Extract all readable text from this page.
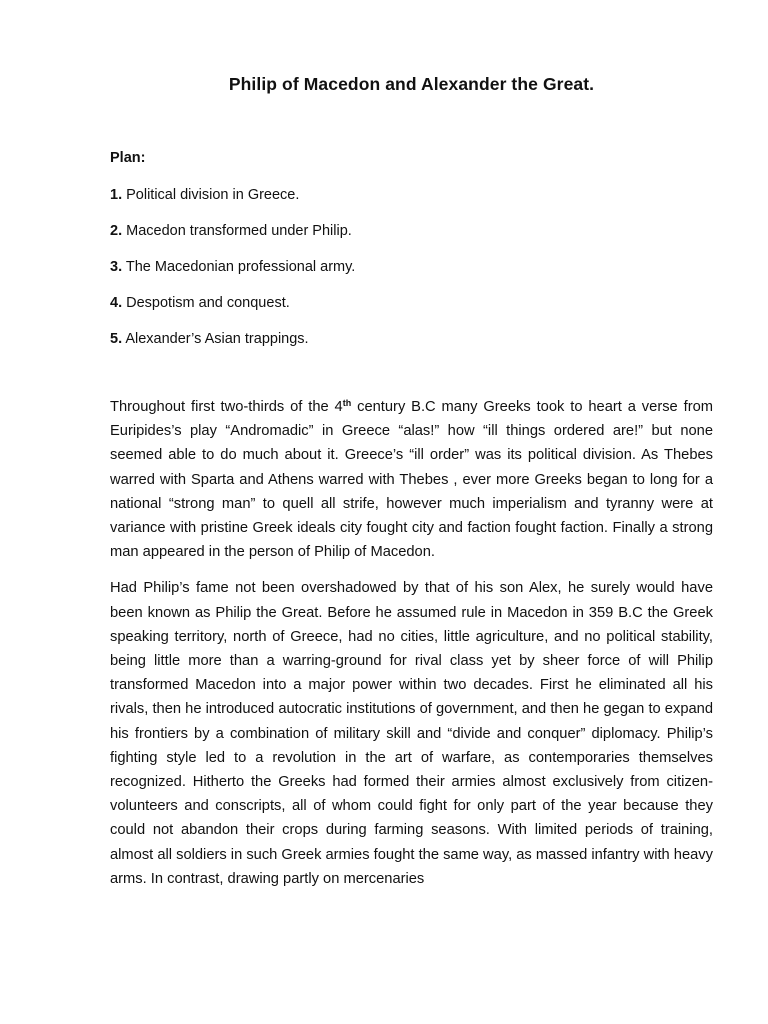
Philip of Macedon and Alexander the Great.

Plan:

1. Political division in Greece.
2. Macedon transformed under Philip.
3. The Macedonian professional army.
4. Despotism and conquest.
5. Alexander’s Asian trappings.

Throughout first two-thirds of the 4th century B.C many Greeks took to heart a verse from Euripides’s play “Andromadic” in Greece “alas!” how “ill things ordered are!” but none seemed able to do much about it. Greece’s “ill order” was its political division. As Thebes warred with Sparta and Athens warred with Thebes , ever more Greeks began to long for a national “strong man” to quell all strife, however much imperialism and tyranny were at variance with pristine Greek ideals city fought city and faction fought faction. Finally a strong man appeared in the person of Philip of Macedon.

Had Philip’s fame not been overshadowed by that of his son Alex, he surely would have been known as Philip the Great. Before he assumed rule in Macedon in 359 B.C the Greek speaking territory, north of Greece, had no cities, little agriculture, and no political stability, being little more than a warring-ground for rival class yet by sheer force of will Philip transformed Macedon into a major power within two decades. First he eliminated all his rivals, then he introduced autocratic institutions of government, and then he gegan to expand his frontiers by a combination of military skill and “divide and conquer” diplomacy. Philip’s fighting style led to a revolution in the art of warfare, as contemporaries themselves recognized. Hitherto the Greeks had formed their armies almost exclusively from citizen-volunteers and conscripts, all of whom could fight for only part of the year because they could not abandon their crops during farming seasons. With limited periods of training, almost all soldiers in such Greek armies fought the same way, as massed infantry with heavy arms. In contrast, drawing partly on mercenaries
